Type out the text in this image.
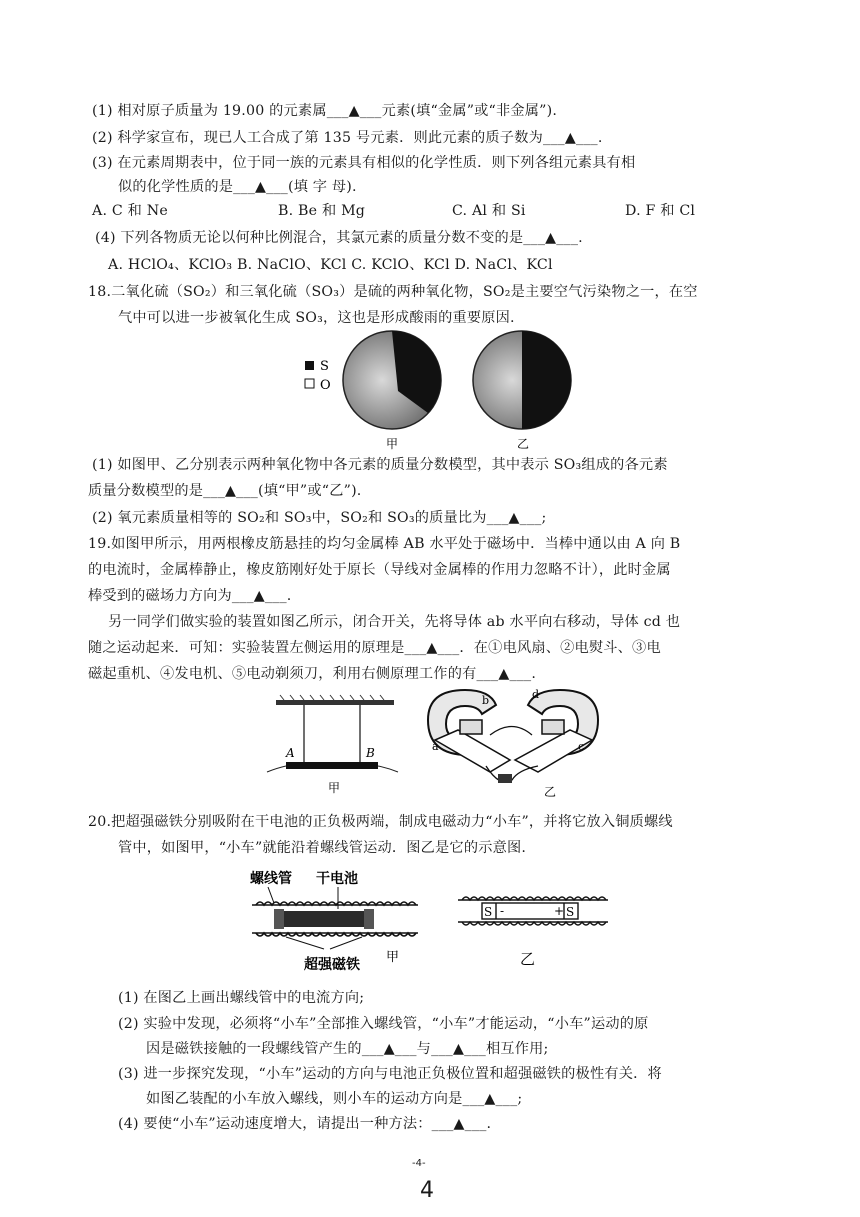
(1) 相对原子质量为 19.00 的元素属___▲___元素(填“金属”或“非金属”).
(2) 科学家宣布，现已人工合成了第 135 号元素．则此元素的质子数为___▲___.
(3) 在元素周期表中，位于同一族的元素具有相似的化学性质．则下列各组元素具有相
似的化学性质的是___▲___(填 字 母).
A. C 和 Ne	B. Be 和 Mg	C. Al 和 Si	D. F 和 Cl
(4) 下列各物质无论以何种比例混合，其氯元素的质量分数不变的是___▲___.
A. HClO₄、KClO₃ B. NaClO、KCl C. KClO、KCl D. NaCl、KCl
18.二氧化硫（SO₂）和三氧化硫（SO₃）是硫的两种氧化物，SO₂是主要空气污染物之一，在空
气中可以进一步被氧化生成 SO₃，这也是形成酸雨的重要原因.
S
O
甲	乙
(1) 如图甲、乙分别表示两种氧化物中各元素的质量分数模型，其中表示 SO₃组成的各元素
质量分数模型的是___▲___(填“甲”或“乙”).
(2) 氧元素质量相等的 SO₂和 SO₃中，SO₂和 SO₃的质量比为___▲___;
19.如图甲所示，用两根橡皮筋悬挂的均匀金属棒 AB 水平处于磁场中．当棒中通以由 A 向 B
的电流时，金属棒静止，橡皮筋刚好处于原长（导线对金属棒的作用力忽略不计），此时金属
棒受到的磁场力方向为___▲___.
另一同学们做实验的装置如图乙所示，闭合开关，先将导体 ab 水平向右移动，导体 cd 也
随之运动起来．可知：实验装置左侧运用的原理是___▲___．在①电风扇、②电熨斗、③电
磁起重机、④发电机、⑤电动剃须刀，利用右侧原理工作的有___▲___.
A	B
甲
b	d
a	c
乙
20.把超强磁铁分别吸附在干电池的正负极两端，制成电磁动力“小车”，并将它放入铜质螺线
管中，如图甲，“小车”就能沿着螺线管运动．图乙是它的示意图.
螺线管 干电池
超强磁铁 甲
S -	+ S
乙
(1) 在图乙上画出螺线管中的电流方向;
(2) 实验中发现，必须将“小车”全部推入螺线管，“小车”才能运动，“小车”运动的原
因是磁铁接触的一段螺线管产生的___▲___与___▲___相互作用;
(3) 进一步探究发现，“小车”运动的方向与电池正负极位置和超强磁铁的极性有关．将
如图乙装配的小车放入螺线，则小车的运动方向是___▲___;
(4) 要使“小车”运动速度增大，请提出一种方法：___▲___.
-4-
4
